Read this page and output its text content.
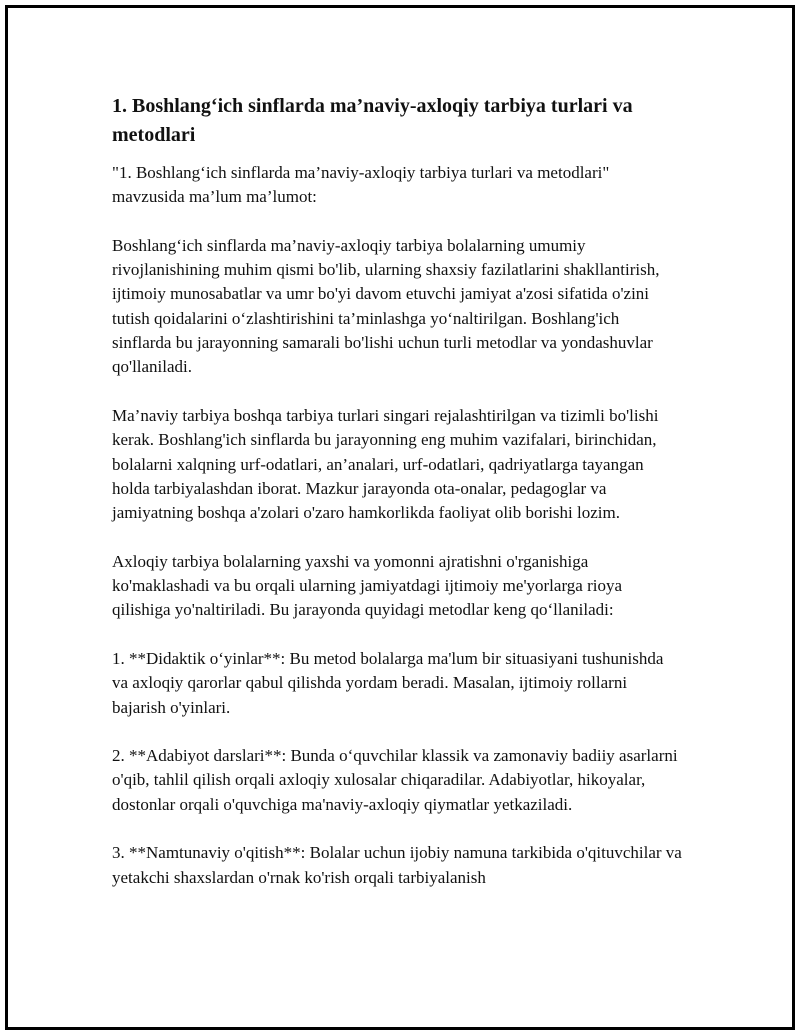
1. Boshlang‘ich sinflarda ma’naviy-axloqiy tarbiya turlari va metodlari

"1. Boshlang‘ich sinflarda ma’naviy-axloqiy tarbiya turlari va metodlari" mavzusida ma’lum ma’lumot:

Boshlang‘ich sinflarda ma’naviy-axloqiy tarbiya bolalarning umumiy rivojlanishining muhim qismi bo'lib, ularning shaxsiy fazilatlarini shakllantirish, ijtimoiy munosabatlar va umr bo'yi davom etuvchi jamiyat a'zosi sifatida o'zini tutish qoidalarini o‘zlashtirishini ta’minlashga yo‘naltirilgan. Boshlang'ich sinflarda bu jarayonning samarali bo'lishi uchun turli metodlar va yondashuvlar qo'llaniladi.

Ma’naviy tarbiya boshqa tarbiya turlari singari rejalashtirilgan va tizimli bo'lishi kerak. Boshlang'ich sinflarda bu jarayonning eng muhim vazifalari, birinchidan, bolalarni xalqning urf-odatlari, an’analari, urf-odatlari, qadriyatlarga tayangan holda tarbiyalashdan iborat. Mazkur jarayonda ota-onalar, pedagoglar va jamiyatning boshqa a'zolari o'zaro hamkorlikda faoliyat olib borishi lozim.

Axloqiy tarbiya bolalarning yaxshi va yomonni ajratishni o'rganishiga ko'maklashadi va bu orqali ularning jamiyatdagi ijtimoiy me'yorlarga rioya qilishiga yo'naltiriladi. Bu jarayonda quyidagi metodlar keng qo‘llaniladi:

1. **Didaktik o‘yinlar**: Bu metod bolalarga ma'lum bir situasiyani tushunishda va axloqiy qarorlar qabul qilishda yordam beradi. Masalan, ijtimoiy rollarni bajarish o'yinlari.

2. **Adabiyot darslari**: Bunda o‘quvchilar klassik va zamonaviy badiiy asarlarni o'qib, tahlil qilish orqali axloqiy xulosalar chiqaradilar. Adabiyotlar, hikoyalar, dostonlar orqali o'quvchiga ma'naviy-axloqiy qiymatlar yetkaziladi.

3. **Namtunaviy o'qitish**: Bolalar uchun ijobiy namuna tarkibida o'qituvchilar va yetakchi shaxslardan o'rnak ko'rish orqali tarbiyalanish
